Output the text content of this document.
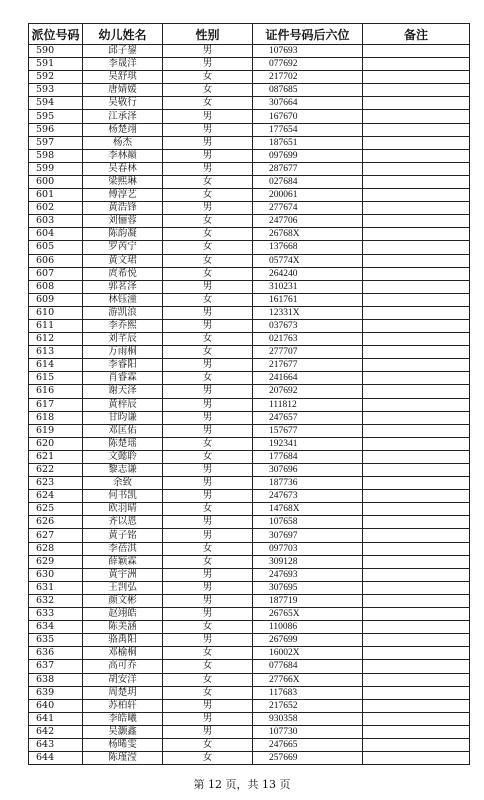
派位号码	幼儿姓名	性别	证件号码后六位	备注
590	邱子鋆	男	107693	
591	李晟洋	男	077692	
592	吴舒琪	女	217702	
593	唐婧媛	女	087685	
594	吴敬行	女	307664	
595	江承泽	男	167670	
596	杨楚翊	男	177654	
597	杨杰	男	187651	
598	李林巅	男	097699	
599	吴春林	男	287677	
600	梁熙琳	女	027684	
601	傅淳艺	女	200061	
602	黄浩锋	男	277674	
603	刘俪蓉	女	247706	
604	陈韵凝	女	26768X	
605	罗芮宁	女	137668	
606	黄文珺	女	05774X	
607	庹希悦	女	264240	
608	郭茗泽	男	310231	
609	林钰潼	女	161761	
610	游凯浪	男	12331X	
611	李乔熙	男	037673	
612	刘芊辰	女	021763	
613	万雨桐	女	277707	
614	李睿阳	男	217677	
615	肖睿霖	女	241664	
616	谢天泽	男	207692	
617	黄梓辰	男	111812	
618	甘昀谦	男	247657	
619	邓匡佑	男	157677	
620	陈楚瑶	女	192341	
621	文懿聆	女	177684	
622	黎志谦	男	307696	
623	余致	男	187736	
624	何书凯	男	247673	
625	欧羽晴	女	14768X	
626	齐以恩	男	107658	
627	黄子铭	男	307697	
628	李蓓淇	女	097703	
629	薛颖霖	女	309128	
630	黄宇洲	男	247693	
631	王剀弘	男	307695	
632	颜文彬	男	187719	
633	赵翊皓	男	26765X	
634	陈美涵	女	110086	
635	骆禹阳	男	267699	
636	邓榆桐	女	16002X	
637	高可乔	女	077684	
638	胡安洋	女	27766X	
639	周楚玥	女	117683	
640	苏柏轩	男	217652	
641	李皓曦	男	930358	
642	吴灏鑫	男	107730	
643	杨晞雯	女	247665	
644	陈瑾滢	女	257669	
第 12 页，共 13 页
